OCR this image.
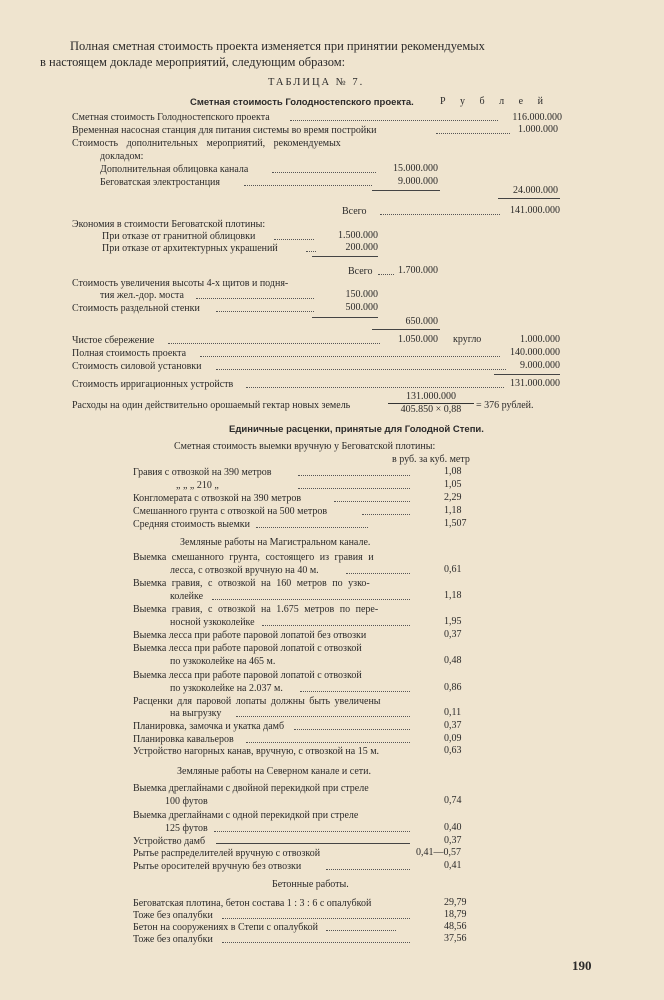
Полная сметная стоимость проекта изменяется при принятии рекомендуемых
в настоящем докладе мероприятий, следующим образом:
ТАБЛИЦА № 7.
Сметная стоимость Голодностепского проекта.	Р у б л е й
Сметная стоимость Голодностепского проекта	116.000.000
Временная насосная станция для питания системы во время постройки	1.000.000
Стоимость дополнительных мероприятий, рекомендуемых
докладом:
Дополнительная облицовка канала	15.000.000
Беговатская электростанция	9.000.000
24.000.000
Всего	141.000.000
Экономия в стоимости Беговатской плотины:
При отказе от гранитной облицовки	1.500.000
При отказе от архитектурных украшений	200.000
Всего	1.700.000
Стоимость увеличения высоты 4-х щитов и подня-
тия жел.-дор. моста	150.000
Стоимость раздельной стенки	500.000
650.000
Чистое сбережение	1.050.000 кругло	1.000.000
Полная стоимость проекта	140.000.000
Стоимость силовой установки	9.000.000
Стоимость ирригационных устройств	131.000.000
Расходы на один действительно орошаемый гектар новых земель	$\frac{131.000.000}{405.850 \times 0,88} = 376$ рублей.
Единичные расценки, принятые для Голодной Степи.
Сметная стоимость выемки вручную у Беговатской плотины:
в руб. за куб. метр
Гравия с отвозкой на 390 метров	1,08
„ „ „ 210 „	1,05
Конгломерата с отвозкой на 390 метров	2,29
Смешанного грунта с отвозкой на 500 метров	1,18
Средняя стоимость выемки	1,507
Земляные работы на Магистральном канале.
Выемка смешанного грунта, состоящего из гравия и
лесса, с отвозкой вручную на 40 м.	0,61
Выемка гравия, с отвозкой на 160 метров по узко-
колейке	1,18
Выемка гравия, с отвозкой на 1.675 метров по пере-
носной узкоколейке	1,95
Выемка лесса при работе паровой лопатой без отвозки	0,37
Выемка лесса при работе паровой лопатой с отвозкой
по узкоколейке на 465 м.	0,48
Выемка лесса при работе паровой лопатой с отвозкой
по узкоколейке на 2.037 м.	0,86
Расценки для паровой лопаты должны быть увеличены
на выгрузку	0,11
Планировка, замочка и укатка дамб	0,37
Планировка кавальеров	0,09
Устройство нагорных канав, вручную, с отвозкой на 15 м.	0,63
Земляные работы на Северном канале и сети.
Выемка дреглайнами с двойной перекидкой при стреле
100 футов	0,74
Выемка дреглайнами с одной перекидкой при стреле
125 футов	0,40
Устройство дамб	0,37
Рытье распределителей вручную с отвозкой	0,41—0,57
Рытье оросителей вручную без отвозки	0,41
Бетонные работы.
Беговатская плотина, бетон состава 1 : 3 : 6 с опалубкой	29,79
Тоже без опалубки	18,79
Бетон на сооружениях в Степи с опалубкой	48,56
Тоже без опалубки	37,56
190
